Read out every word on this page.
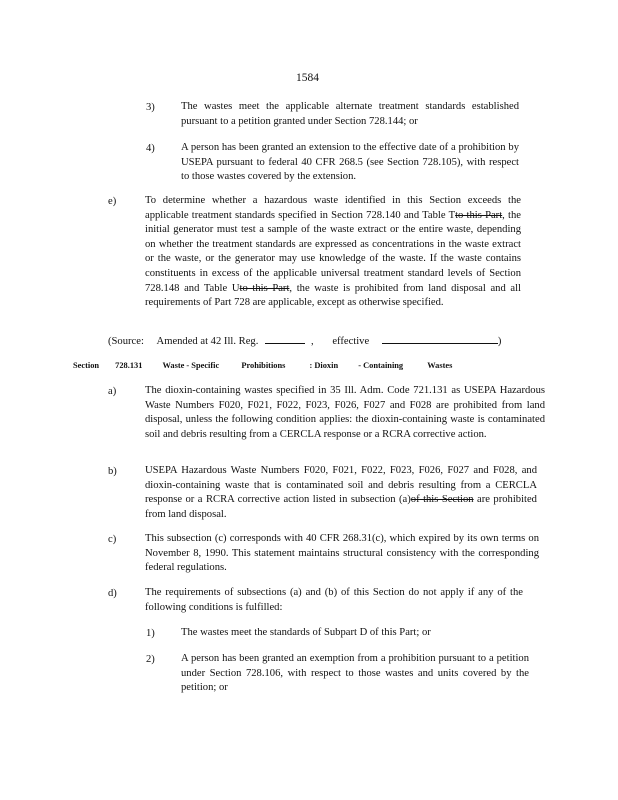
1584
3) The wastes meet the applicable alternate treatment standards established pursuant to a petition granted under Section 728.144; or
4) A person has been granted an extension to the effective date of a prohibition by USEPA pursuant to federal 40 CFR 268.5 (see Section 728.105), with respect to those wastes covered by the extension.
e)	To determine whether a hazardous waste identified in this Section exceeds the applicable treatment standards specified in Section 728.140 and Table Tto this Part, the initial generator must test a sample of the waste extract or the entire waste, depending on whether the treatment standards are expressed as concentrations in the waste extract or the waste, or the generator may use knowledge of the waste. If the waste contains constituents in excess of the applicable universal treatment standard levels of Section 728.148 and Table Uto this Part, the waste is prohibited from land disposal and all requirements of Part 728 are applicable, except as otherwise specified.
(Source: Amended at 42 Ill. Reg.	, effective	)
Section 728.131 Waste - Specific	Prohibitions	: Dioxin - Containing	Wastes
a)	The dioxin-containing wastes specified in 35 Ill. Adm. Code 721.131 as USEPA Hazardous Waste Numbers F020, F021, F022, F023, F026, F027 and F028 are prohibited from land disposal, unless the following condition applies: the dioxin-containing waste is contaminated soil and debris resulting from a CERCLA response or a RCRA corrective action.
b)	USEPA Hazardous Waste Numbers F020, F021, F022, F023, F026, F027 and F028, and dioxin-containing waste that is contaminated soil and debris resulting from a CERCLA response or a RCRA corrective action listed in subsection (a)of this Section are prohibited from land disposal.
c)	This subsection (c) corresponds with 40 CFR 268.31(c), which expired by its own terms on November 8, 1990. This statement maintains structural consistency with the corresponding federal regulations.
d)	The requirements of subsections (a) and (b) of this Section do not apply if any of the following conditions is fulfilled:
1) The wastes meet the standards of Subpart D of this Part; or
2) A person has been granted an exemption from a prohibition pursuant to a petition under Section 728.106, with respect to those wastes and units covered by the petition; or
